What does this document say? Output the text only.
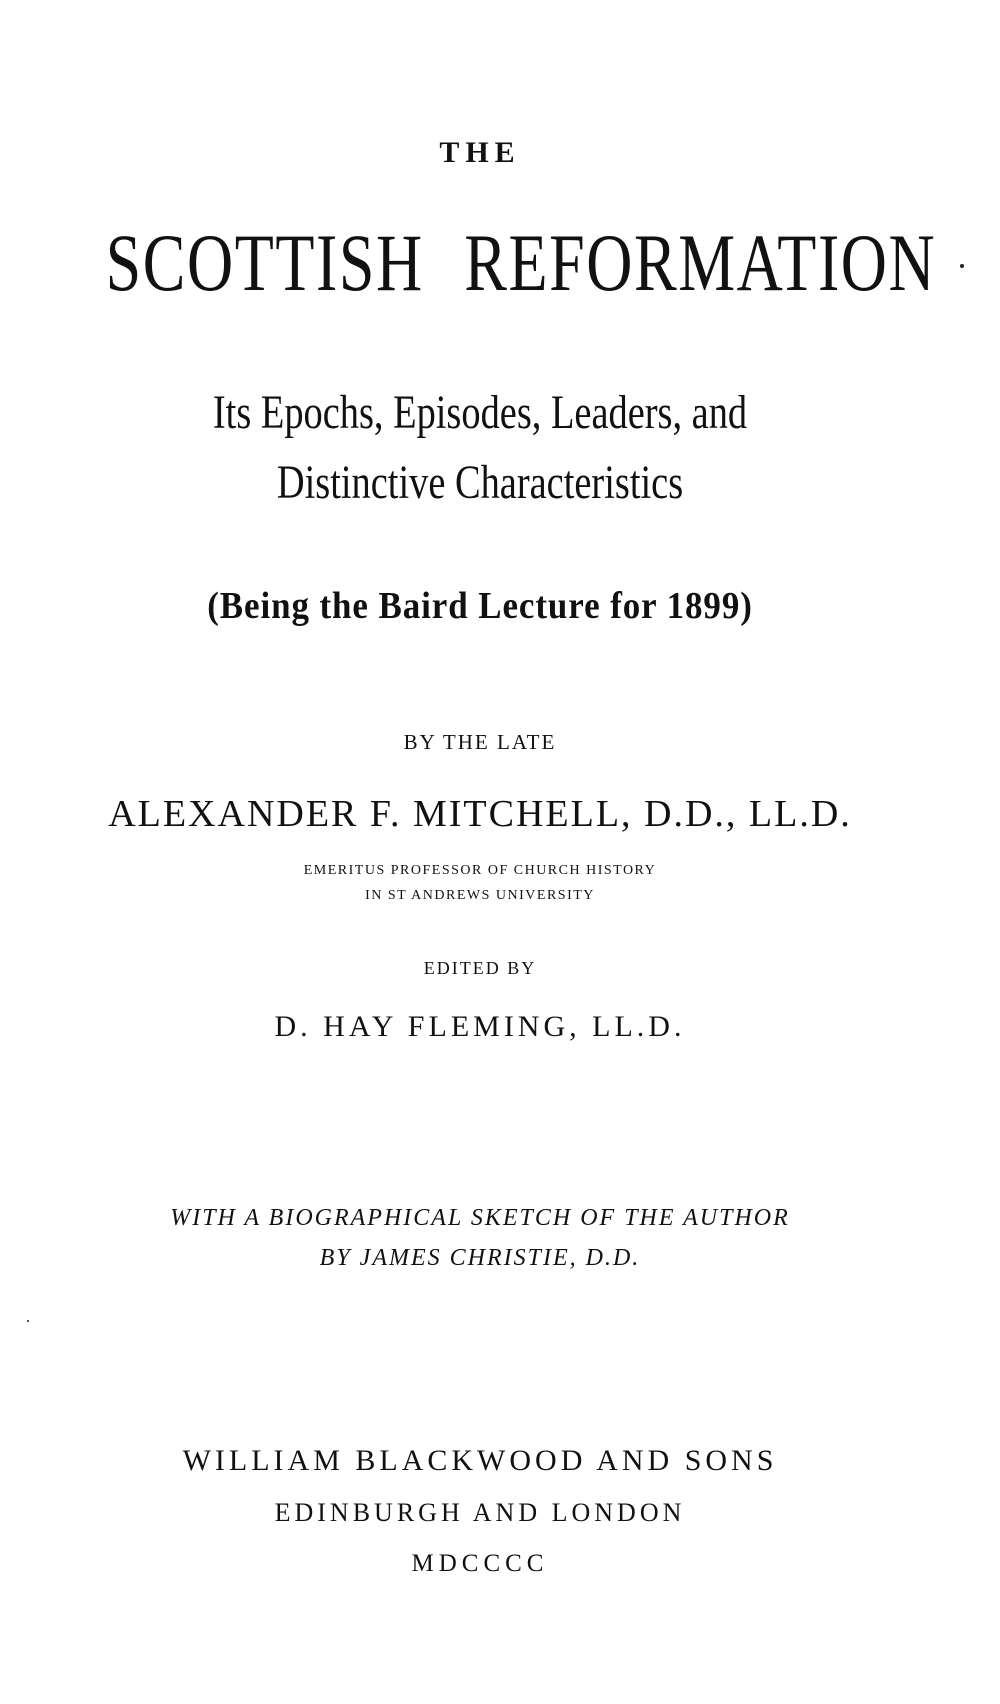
THE
SCOTTISH REFORMATION
Its Epochs, Episodes, Leaders, and
Distinctive Characteristics
(Being the Baird Lecture for 1899)
BY THE LATE
ALEXANDER F. MITCHELL, D.D., LL.D.
EMERITUS PROFESSOR OF CHURCH HISTORY
IN ST ANDREWS UNIVERSITY
EDITED BY
D. HAY FLEMING, LL.D.
WITH A BIOGRAPHICAL SKETCH OF THE AUTHOR
BY JAMES CHRISTIE, D.D.
WILLIAM BLACKWOOD AND SONS
EDINBURGH AND LONDON
MDCCCC
